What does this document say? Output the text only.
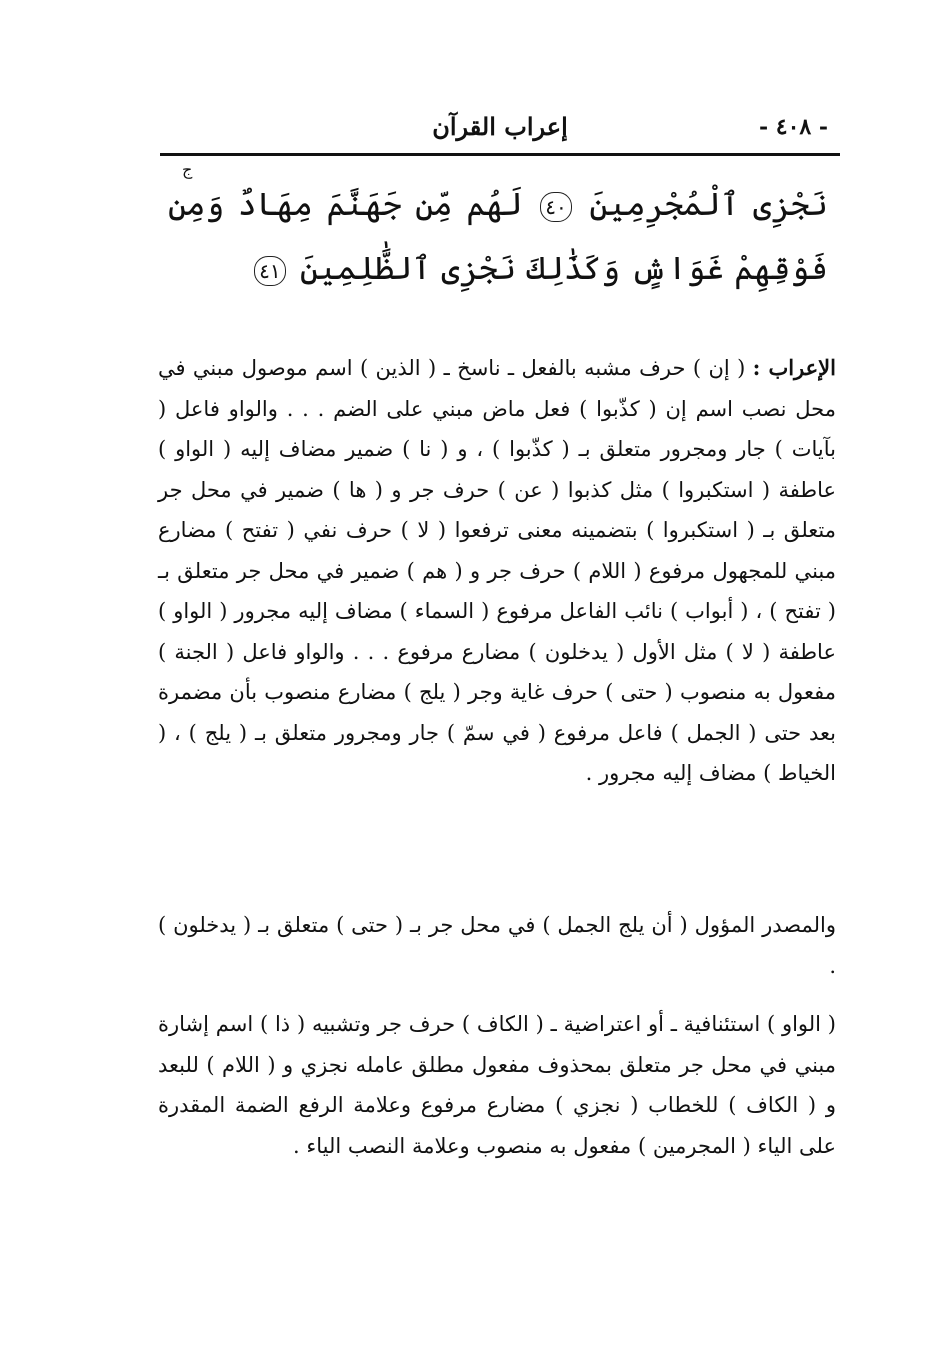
إعراب القرآن	- ٤٠٨ -
ج
نَجْزِى ٱلْمُجْرِمِينَ ٤٠ لَهُم مِّن جَهَنَّمَ مِهَادٌ وَمِن فَوْقِهِمْ غَوَاشٍ وَكَذَٰلِكَ نَجْزِى ٱلظَّٰلِمِينَ ٤١
الإعراب : ( إن ) حرف مشبه بالفعل ـ ناسخ ـ ( الذين ) اسم موصول مبني في محل نصب اسم إن ( كذّبوا ) فعل ماض مبني على الضم . . . والواو فاعل ( بآيات ) جار ومجرور متعلق بـ ( كذّبوا ) ، و ( نا ) ضمير مضاف إليه ( الواو ) عاطفة ( استكبروا ) مثل كذبوا ( عن ) حرف جر و ( ها ) ضمير في محل جر متعلق بـ ( استكبروا ) بتضمينه معنى ترفعوا ( لا ) حرف نفي ( تفتح ) مضارع مبني للمجهول مرفوع ( اللام ) حرف جر و ( هم ) ضمير في محل جر متعلق بـ ( تفتح ) ، ( أبواب ) نائب الفاعل مرفوع ( السماء ) مضاف إليه مجرور ( الواو ) عاطفة ( لا ) مثل الأول ( يدخلون ) مضارع مرفوع . . . والواو فاعل ( الجنة ) مفعول به منصوب ( حتى ) حرف غاية وجر ( يلج ) مضارع منصوب بأن مضمرة بعد حتى ( الجمل ) فاعل مرفوع ( في سمّ ) جار ومجرور متعلق بـ ( يلج ) ، ( الخياط ) مضاف إليه مجرور .
والمصدر المؤول ( أن يلج الجمل ) في محل جر بـ ( حتى ) متعلق بـ ( يدخلون ) .
( الواو ) استئنافية ـ أو اعتراضية ـ ( الكاف ) حرف جر وتشبيه ( ذا ) اسم إشارة مبني في محل جر متعلق بمحذوف مفعول مطلق عامله نجزي و ( اللام ) للبعد و ( الكاف ) للخطاب ( نجزي ) مضارع مرفوع وعلامة الرفع الضمة المقدرة على الياء ( المجرمين ) مفعول به منصوب وعلامة النصب الياء .
